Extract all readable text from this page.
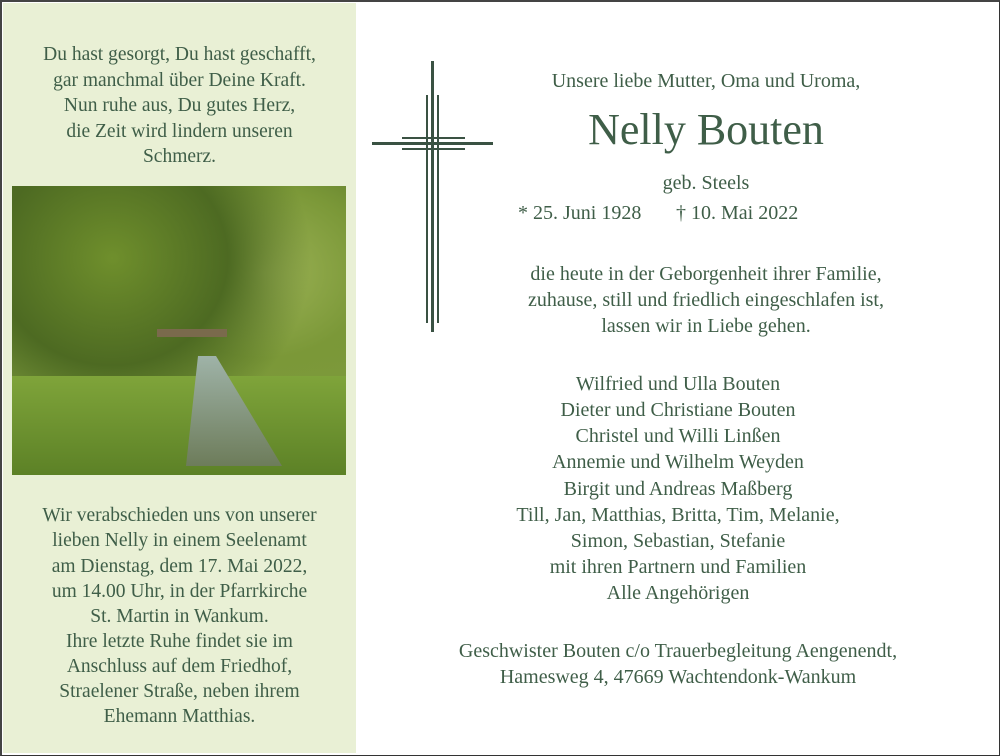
Du hast gesorgt, Du hast geschafft,
gar manchmal über Deine Kraft.
Nun ruhe aus, Du gutes Herz,
die Zeit wird lindern unseren
Schmerz.
Wir verabschieden uns von unserer
lieben Nelly in einem Seelenamt
am Dienstag, dem 17. Mai 2022,
um 14.00 Uhr, in der Pfarrkirche
St. Martin in Wankum.
Ihre letzte Ruhe findet sie im
Anschluss auf dem Friedhof,
Straelener Straße, neben ihrem
Ehemann Matthias.
Unsere liebe Mutter, Oma und Uroma,
Nelly Bouten
geb. Steels
* 25. Juni 1928 † 10. Mai 2022
die heute in der Geborgenheit ihrer Familie,
zuhause, still und friedlich eingeschlafen ist,
lassen wir in Liebe gehen.
Wilfried und Ulla Bouten
Dieter und Christiane Bouten
Christel und Willi Linßen
Annemie und Wilhelm Weyden
Birgit und Andreas Maßberg
Till, Jan, Matthias, Britta, Tim, Melanie,
Simon, Sebastian, Stefanie
mit ihren Partnern und Familien
Alle Angehörigen
Geschwister Bouten c/o Trauerbegleitung Aengenendt,
Hamesweg 4, 47669 Wachtendonk-Wankum
